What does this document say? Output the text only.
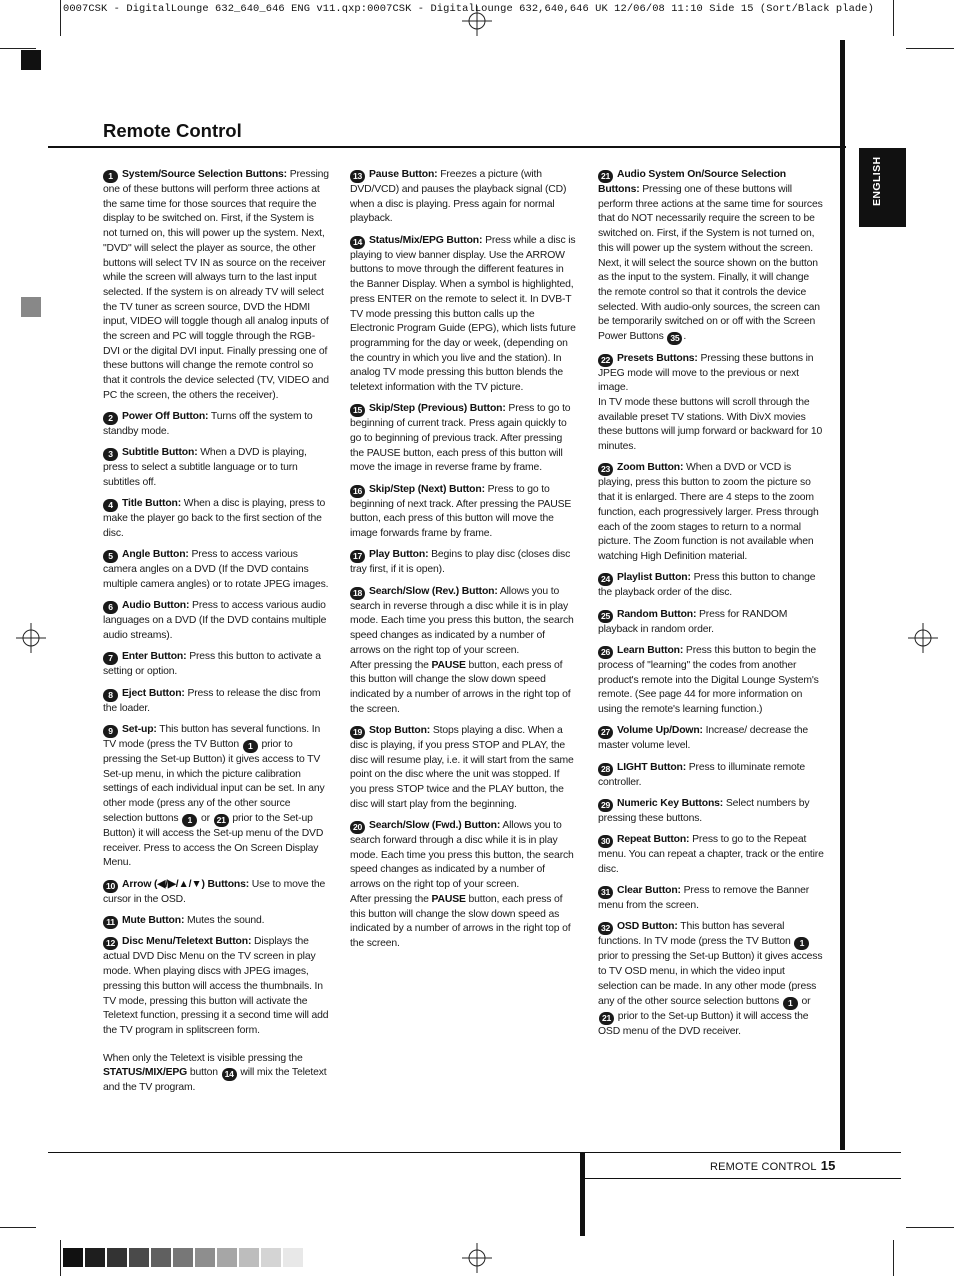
0007CSK - DigitalLounge 632_640_646 ENG v11.qxp:0007CSK - DigitalLounge 632,640,646 UK 12/06/08 11:10 Side 15 (Sort/Black plade)
Remote Control
ENGLISH

1 System/Source Selection Buttons: Pressing one of these buttons will perform three actions at the same time for those sources that require the display to be switched on. First, if the System is not turned on, this will power up the system. Next, "DVD" will select the player as source, the other buttons will select TV IN as source on the receiver while the screen will always turn to the last input selected. If the system is on already TV will select the TV tuner as screen source, DVD the HDMI input, VIDEO will toggle though all analog inputs of the screen and PC will toggle through the RGB-DVI or the digital DVI input. Finally pressing one of these buttons will change the remote control so that it controls the device selected (TV, VIDEO and PC the screen, the others the receiver).

2 Power Off Button: Turns off the system to standby mode.

3 Subtitle Button: When a DVD is playing, press to select a subtitle language or to turn subtitles off.

4 Title Button: When a disc is playing, press to make the player go back to the first section of the disc.

5 Angle Button: Press to access various camera angles on a DVD (If the DVD contains multiple camera angles) or to rotate JPEG images.

6 Audio Button: Press to access various audio languages on a DVD (If the DVD contains multiple audio streams).

7 Enter Button: Press this button to activate a setting or option.

8 Eject Button: Press to release the disc from the loader.

9 Set-up: This button has several functions. In TV mode (press the TV Button 1 prior to pressing the Set-up Button) it gives access to TV Set-up menu, in which the picture calibration settings of each individual input can be set. In any other mode (press any of the other source selection buttons 1 or 21 prior to the Set-up Button) it will access the Set-up menu of the DVD receiver. Press to access the On Screen Display Menu.

10 Arrow (◀/▶/▲/▼) Buttons: Use to move the cursor in the OSD.

11 Mute Button: Mutes the sound.

12 Disc Menu/Teletext Button: Displays the actual DVD Disc Menu on the TV screen in play mode. When playing discs with JPEG images, pressing this button will access the thumbnails. In TV mode, pressing this button will activate the Teletext function, pressing it a second time will add the TV program in splitscreen form.

When only the Teletext is visible pressing the STATUS/MIX/EPG button 14 will mix the Teletext and the TV program.

13 Pause Button: Freezes a picture (with DVD/VCD) and pauses the playback signal (CD) when a disc is playing. Press again for normal playback.

14 Status/Mix/EPG Button: Press while a disc is playing to view banner display. Use the ARROW buttons to move through the different features in the Banner Display. When a symbol is highlighted, press ENTER on the remote to select it. In DVB-T TV mode pressing this button calls up the Electronic Program Guide (EPG), which lists future programming for the day or week, (depending on the country in which you live and the station). In analog TV mode pressing this button blends the teletext information with the TV picture.

15 Skip/Step (Previous) Button: Press to go to beginning of current track. Press again quickly to go to beginning of previous track. After pressing the PAUSE button, each press of this button will move the image in reverse frame by frame.

16 Skip/Step (Next) Button: Press to go to beginning of next track. After pressing the PAUSE button, each press of this button will move the image forwards frame by frame.

17 Play Button: Begins to play disc (closes disc tray first, if it is open).

18 Search/Slow (Rev.) Button: Allows you to search in reverse through a disc while it is in play mode. Each time you press this button, the search speed changes as indicated by a number of arrows on the right top of your screen.

After pressing the PAUSE button, each press of this button will change the slow down speed indicated by a number of arrows in the right top of the screen.

19 Stop Button: Stops playing a disc. When a disc is playing, if you press STOP and PLAY, the disc will resume play, i.e. it will start from the same point on the disc where the unit was stopped. If you press STOP twice and the PLAY button, the disc will start play from the beginning.

20 Search/Slow (Fwd.) Button: Allows you to search forward through a disc while it is in play mode. Each time you press this button, the search speed changes as indicated by a number of arrows on the right top of your screen.

After pressing the PAUSE button, each press of this button will change the slow down speed as indicated by a number of arrows in the right top of the screen.

21 Audio System On/Source Selection Buttons: Pressing one of these buttons will perform three actions at the same time for sources that do NOT necessarily require the screen to be switched on. First, if the System is not turned on, this will power up the system without the screen. Next, it will select the source shown on the button as the input to the system. Finally, it will change the remote control so that it controls the device selected. With audio-only sources, the screen can be temporarily switched on or off with the Screen Power Buttons 35 .

22 Presets Buttons: Pressing these buttons in JPEG mode will move to the previous or next image.
In TV mode these buttons will scroll through the available preset TV stations. With DivX movies these buttons will jump forward or backward for 10 minutes.

23 Zoom Button: When a DVD or VCD is playing, press this button to zoom the picture so that it is enlarged. There are 4 steps to the zoom function, each progressively larger. Press through each of the zoom stages to return to a normal picture. The Zoom function is not available when watching High Definition material.

24 Playlist Button: Press this button to change the playback order of the disc.

25 Random Button: Press for RANDOM playback in random order.

26 Learn Button: Press this button to begin the process of "learning" the codes from another product's remote into the Digital Lounge System's remote. (See page 44 for more information on using the remote's learning function.)

27 Volume Up/Down: Increase/ decrease the master volume level.

28 LIGHT Button: Press to illuminate remote controller.

29 Numeric Key Buttons: Select numbers by pressing these buttons.

30 Repeat Button: Press to go to the Repeat menu. You can repeat a chapter, track or the entire disc.

31 Clear Button: Press to remove the Banner menu from the screen.

32 OSD Button: This button has several functions. In TV mode (press the TV Button 1 prior to pressing the Set-up Button) it gives access to TV OSD menu, in which the video input selection can be made. In any other mode (press any of the other source selection buttons 1 or 21 prior to the Set-up Button) it will access the OSD menu of the DVD receiver.

REMOTE CONTROL 15
